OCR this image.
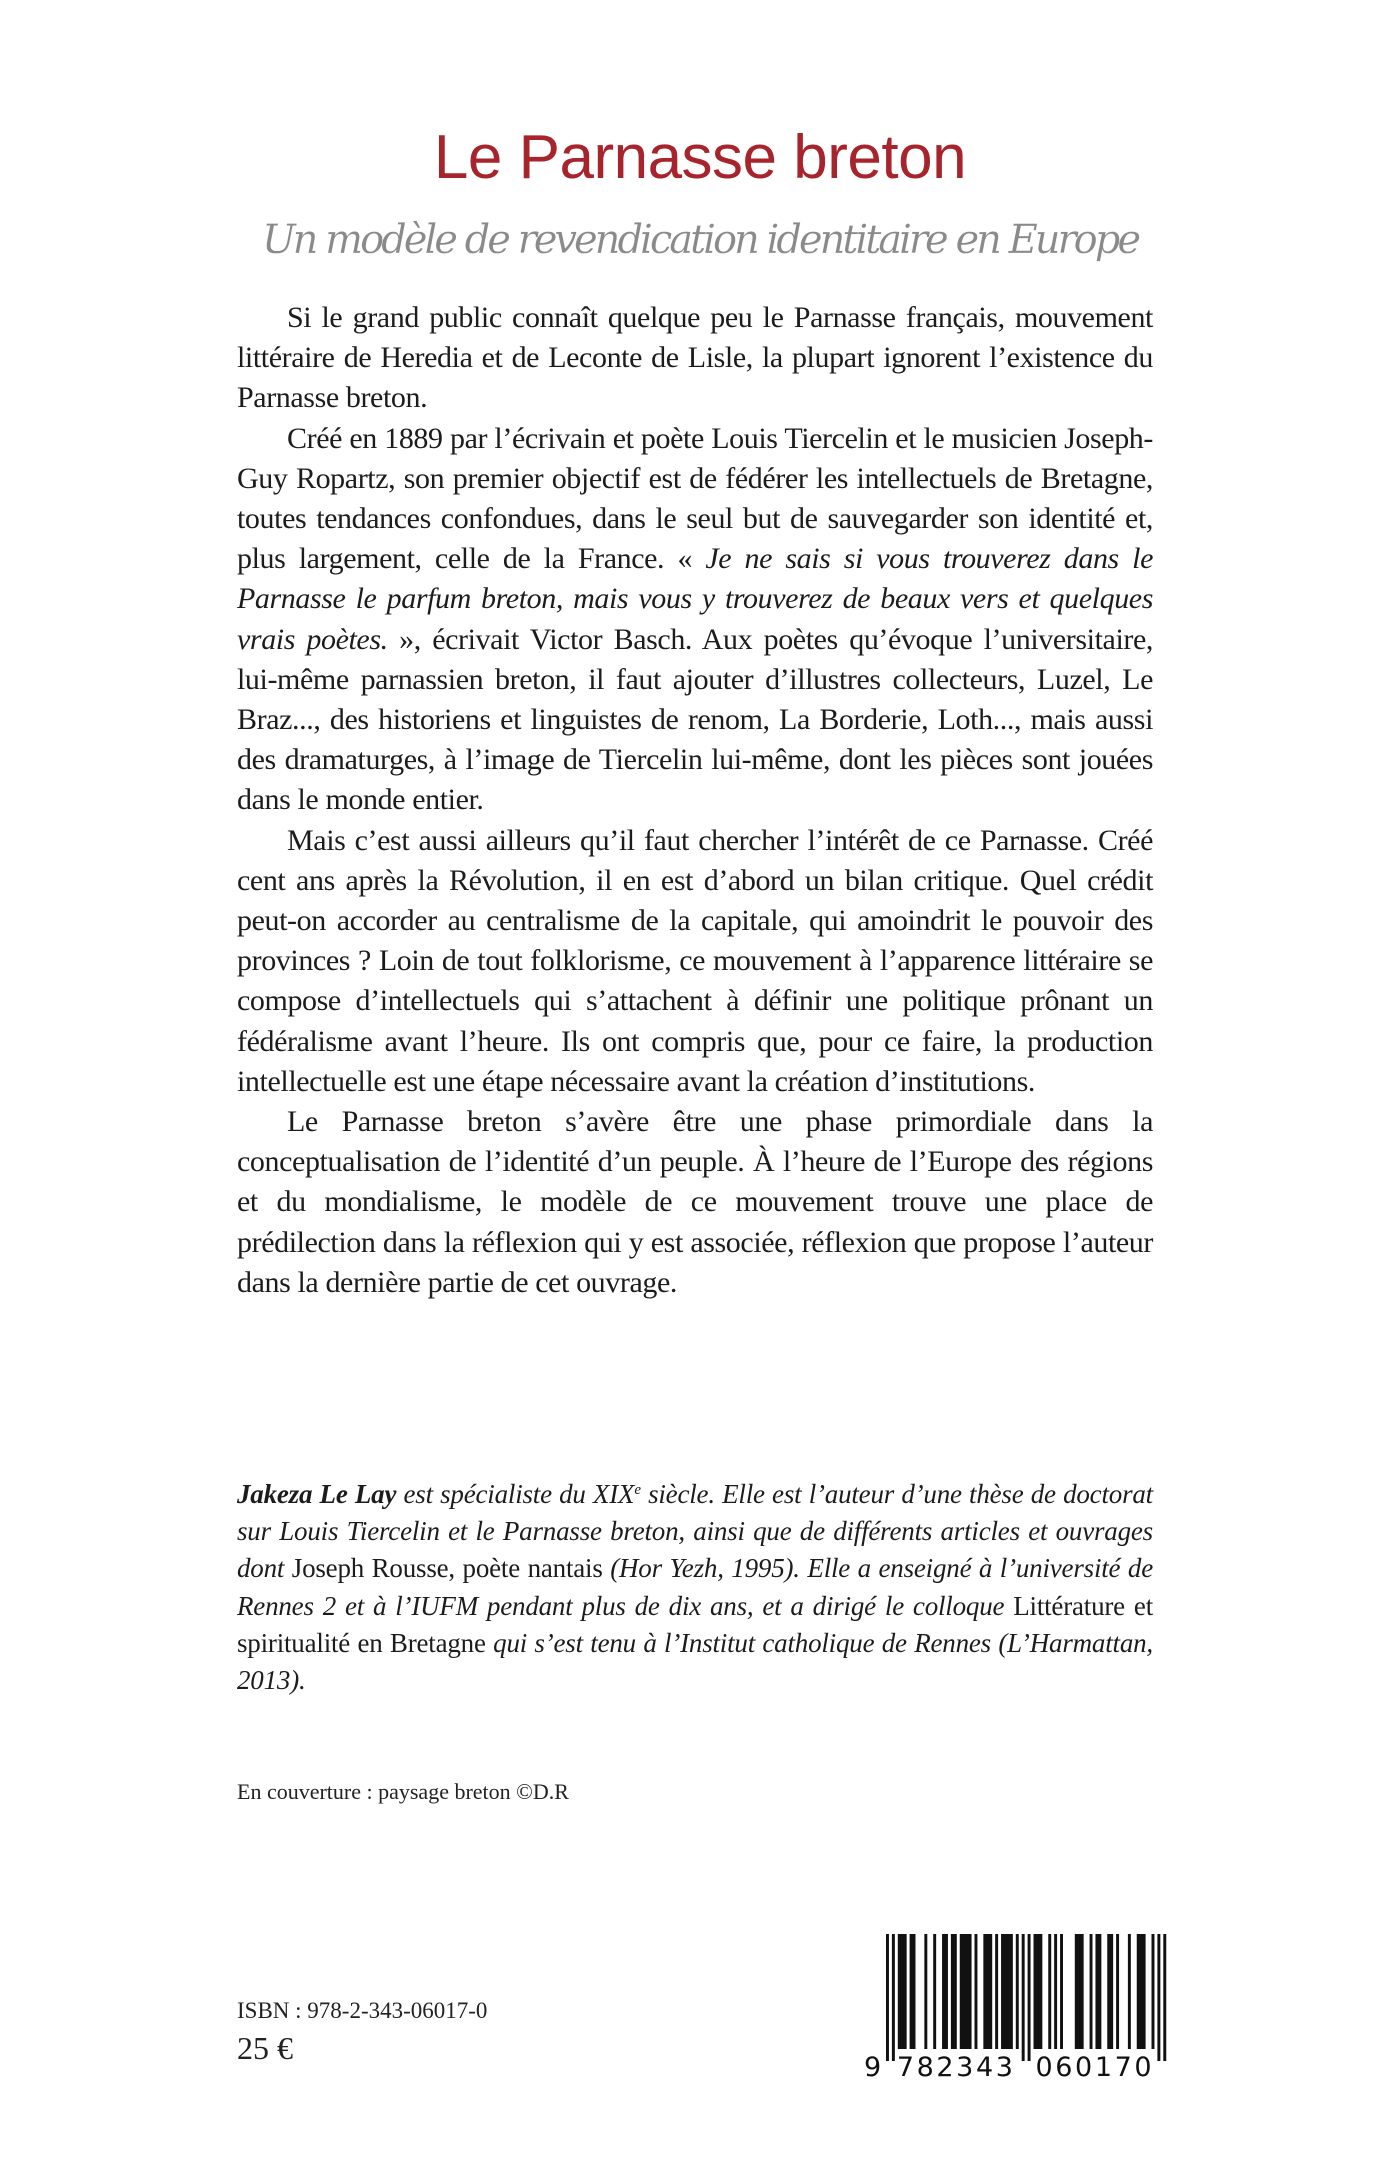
Le Parnasse breton
Un modèle de revendication identitaire en Europe

Si le grand public connaît quelque peu le Parnasse français, mouvement littéraire de Heredia et de Leconte de Lisle, la plupart ignorent l’existence du Parnasse breton.

Créé en 1889 par l’écrivain et poète Louis Tiercelin et le musicien Joseph-Guy Ropartz, son premier objectif est de fédérer les intellectuels de Bretagne, toutes tendances confondues, dans le seul but de sauvegarder son identité et, plus largement, celle de la France. « Je ne sais si vous trouverez dans le Parnasse le parfum breton, mais vous y trouverez de beaux vers et quelques vrais poètes. », écrivait Victor Basch. Aux poètes qu’évoque l’universitaire, lui-même parnassien breton, il faut ajouter d’illustres collecteurs, Luzel, Le Braz..., des historiens et linguistes de renom, La Borderie, Loth..., mais aussi des dramaturges, à l’image de Tiercelin lui-même, dont les pièces sont jouées dans le monde entier.

Mais c’est aussi ailleurs qu’il faut chercher l’intérêt de ce Parnasse. Créé cent ans après la Révolution, il en est d’abord un bilan critique. Quel crédit peut-on accorder au centralisme de la capitale, qui amoindrit le pouvoir des provinces ? Loin de tout folklorisme, ce mouvement à l’apparence littéraire se compose d’intellectuels qui s’attachent à définir une politique prônant un fédéralisme avant l’heure. Ils ont compris que, pour ce faire, la production intellectuelle est une étape nécessaire avant la création d’institutions.

Le Parnasse breton s’avère être une phase primordiale dans la conceptualisation de l’identité d’un peuple. À l’heure de l’Europe des régions et du mondialisme, le modèle de ce mouvement trouve une place de prédilection dans la réflexion qui y est associée, réflexion que propose l’auteur dans la dernière partie de cet ouvrage.

Jakeza Le Lay est spécialiste du XIXe siècle. Elle est l’auteur d’une thèse de doctorat sur Louis Tiercelin et le Parnasse breton, ainsi que de différents articles et ouvrages dont Joseph Rousse, poète nantais (Hor Yezh, 1995). Elle a enseigné à l’université de Rennes 2 et à l’IUFM pendant plus de dix ans, et a dirigé le colloque Littérature et spiritualité en Bretagne qui s’est tenu à l’Institut catholique de Rennes (L’Harmattan, 2013).

En couverture : paysage breton ©D.R
ISBN : 978-2-343-06017-0
25 €
9 782343 060170
